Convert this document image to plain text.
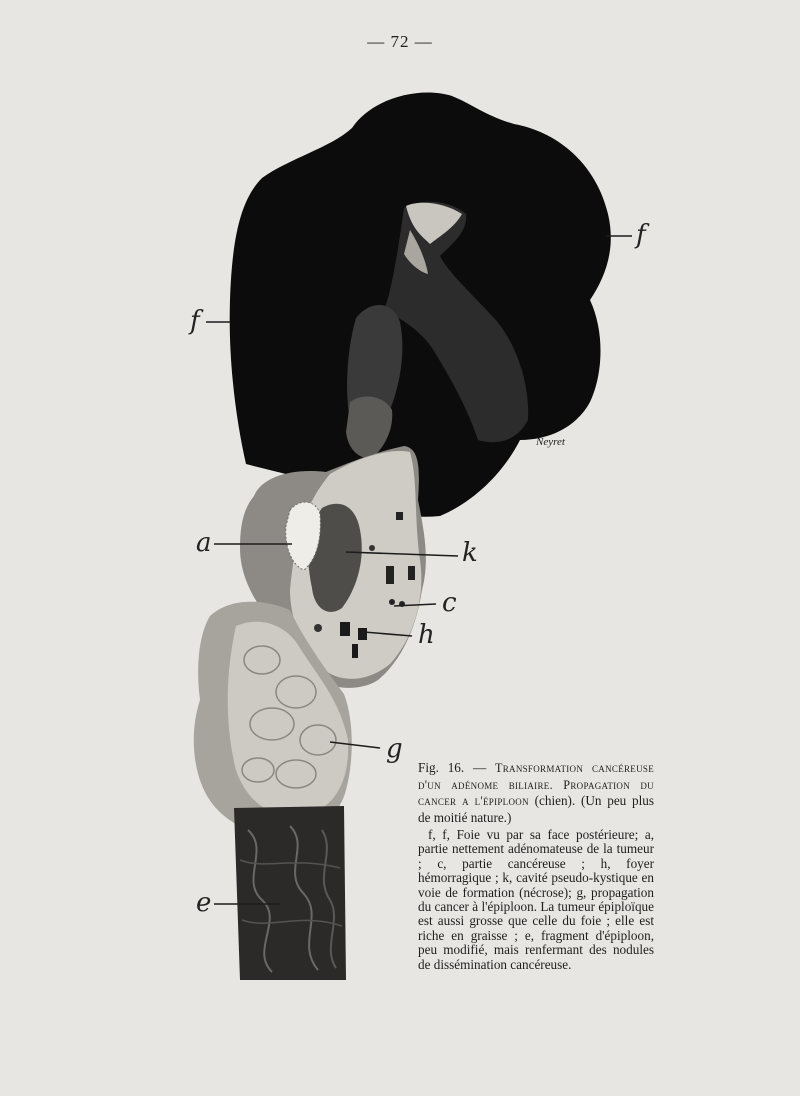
— 72 —
Neyret
f
f
a	k
c
h
g
e
Fig. 16. — Transformation cancéreuse d'un adénome biliaire. Propagation du cancer a l'épiploon (chien). (Un peu plus de moitié nature.)
f, f, Foie vu par sa face postérieure; a, partie nettement adénomateuse de la tumeur ; c, partie cancéreuse ; h, foyer hémorragique ; k, cavité pseudo-kystique en voie de formation (nécrose); g, propagation du cancer à l'épiploon. La tumeur épiploïque est aussi grosse que celle du foie ; elle est riche en graisse ; e, fragment d'épiploon, peu modifié, mais renfermant des nodules de dissémination cancéreuse.
